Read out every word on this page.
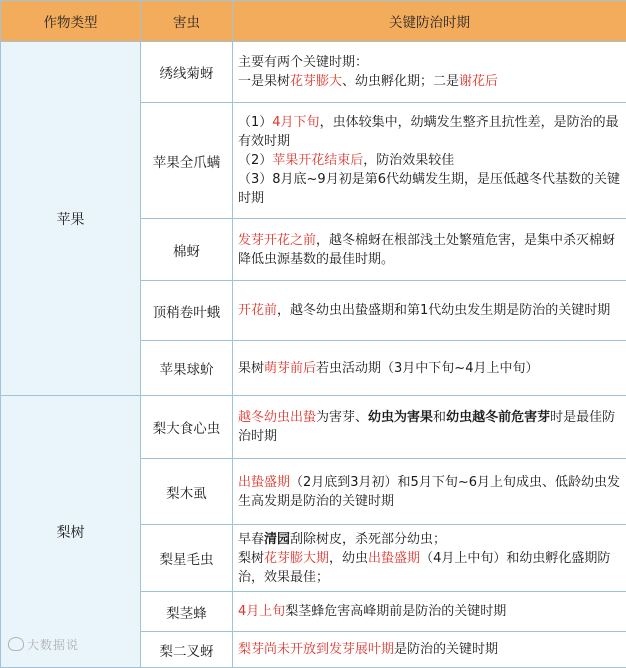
作物类型	害虫	关键防治时期
苹果	绣线菊蚜	主要有两个关键时期：
一是果树花芽膨大、幼虫孵化期；二是谢花后

	苹果全爪螨	（1）4月下旬，虫体较集中，幼螨发生整齐且抗性差，是防治的最有效时期
（2）苹果开花结束后，防治效果较佳
（3）8月底~9月初是第6代幼螨发生期，是压低越冬代基数的关键时期

	棉蚜	发芽开花之前，越冬棉蚜在根部浅土处繁殖危害，是集中杀灭棉蚜降低虫源基数的最佳时期。

	顶稍卷叶蛾	开花前，越冬幼虫出蛰盛期和第1代幼虫发生期是防治的关键时期

	苹果球蚧	果树萌芽前后若虫活动期（3月中下旬~4月上中旬）

梨树	梨大食心虫	越冬幼虫出蛰为害芽、幼虫为害果和幼虫越冬前危害芽时是最佳防治时期

	梨木虱	出蛰盛期（2月底到3月初）和5月下旬~6月上旬成虫、低龄幼虫发生高发期是防治的关键时期

	梨星毛虫	早春清园刮除树皮，杀死部分幼虫；
梨树花芽膨大期，幼虫出蛰盛期（4月上中旬）和幼虫孵化盛期防治，效果最佳；

	梨茎蜂	4月上旬梨茎蜂危害高峰期前是防治的关键时期

	梨二叉蚜	梨芽尚未开放到发芽展叶期是防治的关键时期
大数据说
